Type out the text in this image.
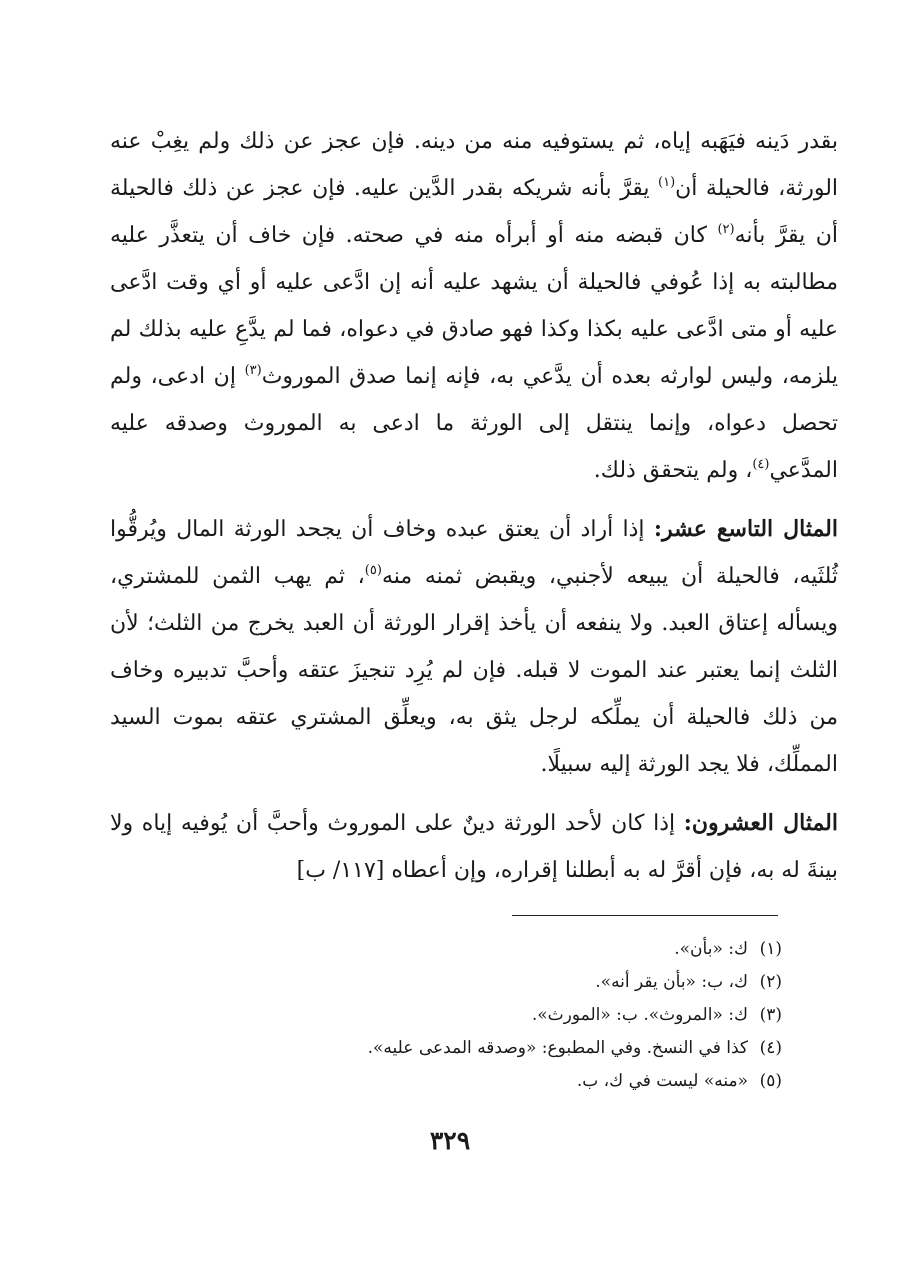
بقدر دَينه فيَهَبه إياه، ثم يستوفيه منه من دينه. فإن عجز عن ذلك ولم يغِبْ عنه الورثة، فالحيلة أن$^{(١)}$ يقرَّ بأنه شريكه بقدر الدَّين عليه. فإن عجز عن ذلك فالحيلة أن يقرَّ بأنه$^{(٢)}$ كان قبضه منه أو أبرأه منه في صحته. فإن خاف أن يتعذَّر عليه مطالبته به إذا عُوفي فالحيلة أن يشهد عليه أنه إن ادَّعى عليه أو أي وقت ادَّعى عليه أو متى ادَّعى عليه بكذا وكذا فهو صادق في دعواه، فما لم يدَّعِ عليه بذلك لم يلزمه، وليس لوارثه بعده أن يدَّعي به، فإنه إنما صدق الموروث$^{(٣)}$ إن ادعى، ولم تحصل دعواه، وإنما ينتقل إلى الورثة ما ادعى به الموروث وصدقه عليه المدَّعي$^{(٤)}$، ولم يتحقق ذلك.

المثال التاسع عشر: إذا أراد أن يعتق عبده وخاف أن يجحد الورثة المال ويُرقُّوا ثُلثَيه، فالحيلة أن يبيعه لأجنبي، ويقبض ثمنه منه$^{(٥)}$، ثم يهب الثمن للمشتري، ويسأله إعتاق العبد. ولا ينفعه أن يأخذ إقرار الورثة أن العبد يخرج من الثلث؛ لأن الثلث إنما يعتبر عند الموت لا قبله. فإن لم يُرِد تنجيزَ عتقه وأحبَّ تدبيره وخاف من ذلك فالحيلة أن يملِّكه لرجل يثق به، ويعلِّق المشتري عتقه بموت السيد المملِّك، فلا يجد الورثة إليه سبيلًا.

المثال العشرون: إذا كان لأحد الورثة دينٌ على الموروث وأحبَّ أن يُوفيه إياه ولا بينةَ له به، فإن أقرَّ له به أبطلنا إقراره، وإن أعطاه [١١٧/ ب]

(١)ك: «بأن».
(٢)ك، ب: «بأن يقر أنه».
(٣)ك: «المروث». ب: «المورث».
(٤)كذا في النسخ. وفي المطبوع: «وصدقه المدعى عليه».
(٥)«منه» ليست في ك، ب.
٣٢٩
